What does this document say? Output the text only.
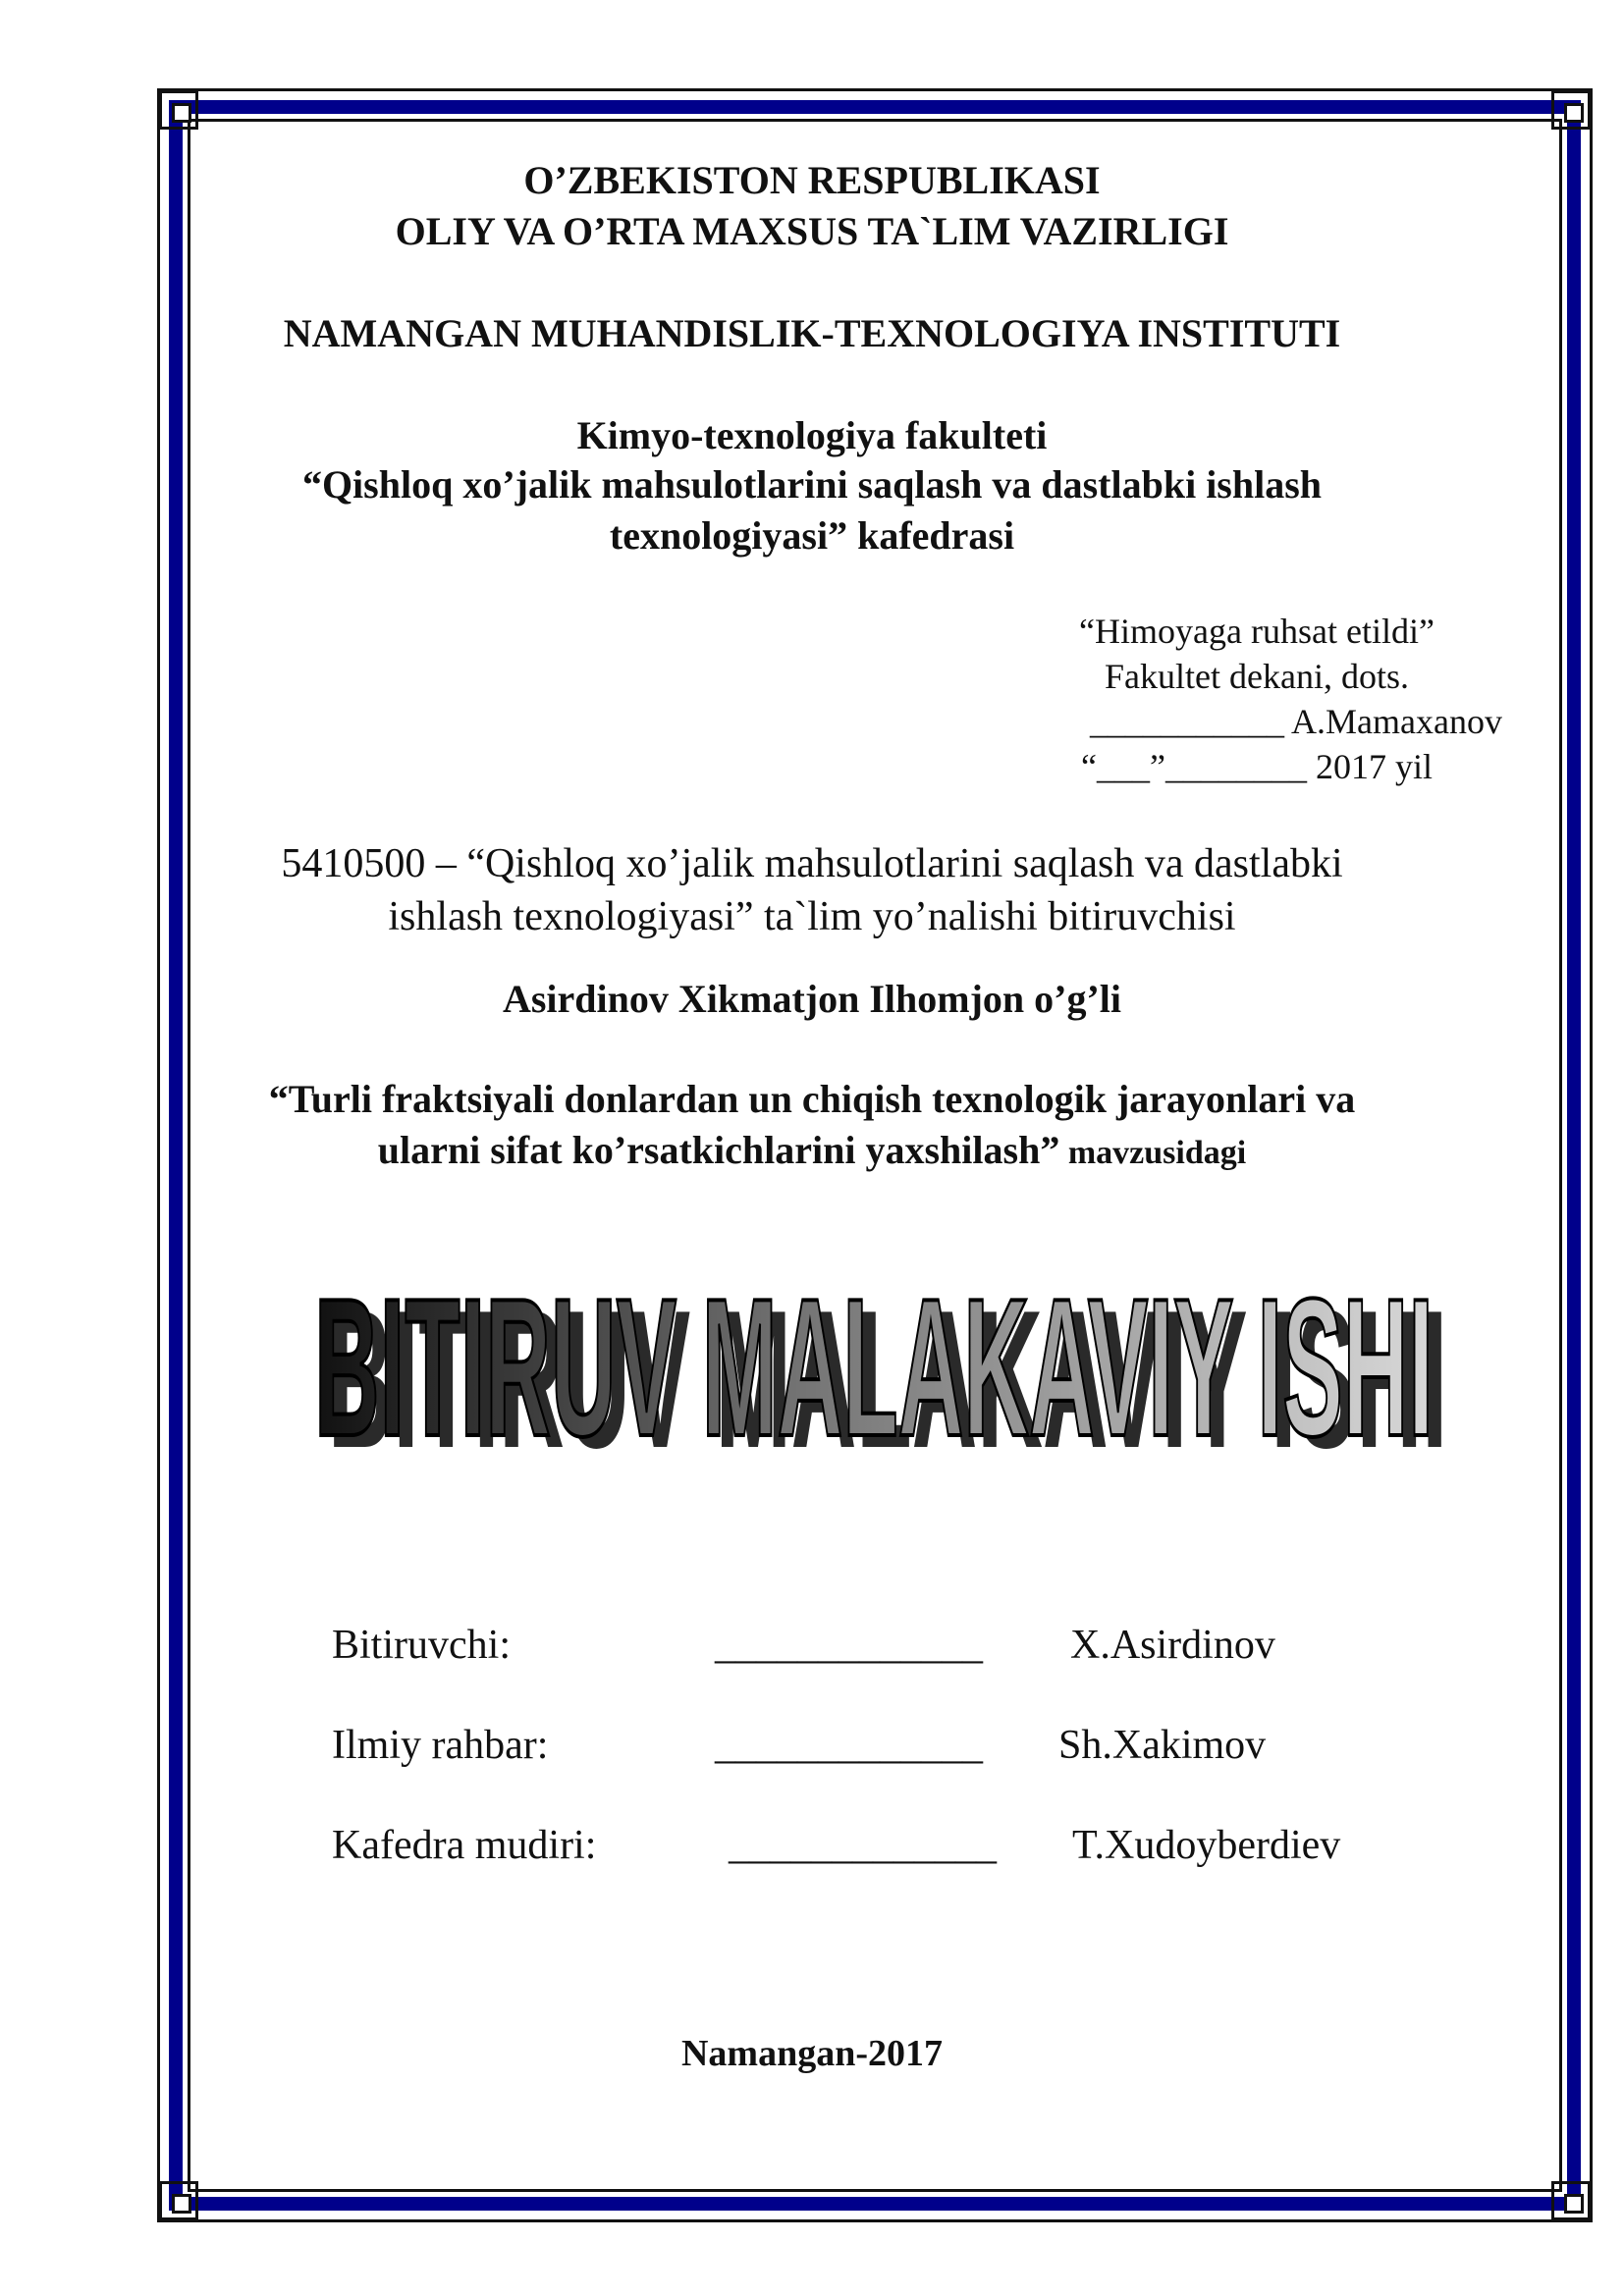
O’ZBEKISTON RESPUBLIKASI
OLIY VA O’RTA MAXSUS TA`LIM VAZIRLIGI
NAMANGAN MUHANDISLIK-TEXNOLOGIYA INSTITUTI
Kimyo-texnologiya fakulteti
“Qishloq xo’jalik mahsulotlarini saqlash va dastlabki ishlash
texnologiyasi” kafedrasi
“Himoyaga ruhsat etildi”
Fakultet dekani, dots.
___________ A.Mamaxanov
“___”________ 2017 yil
5410500 – “Qishloq xo’jalik mahsulotlarini saqlash va dastlabki
ishlash texnologiyasi” ta`lim yo’nalishi bitiruvchisi
Asirdinov Xikmatjon Ilhomjon o’g’li
“Turli fraktsiyali donlardan un chiqish texnologik jarayonlari va
ularni sifat ko’rsatkichlarini yaxshilash” mavzusidagi
BITIRUV MALAKAVIY ISHI
BITIRUV MALAKAVIY ISHI
Bitiruvchi:	_____________ X.Asirdinov
Ilmiy rahbar:	_____________ Sh.Xakimov
Kafedra mudiri:	_____________ T.Xudoyberdiev
Namangan-2017
